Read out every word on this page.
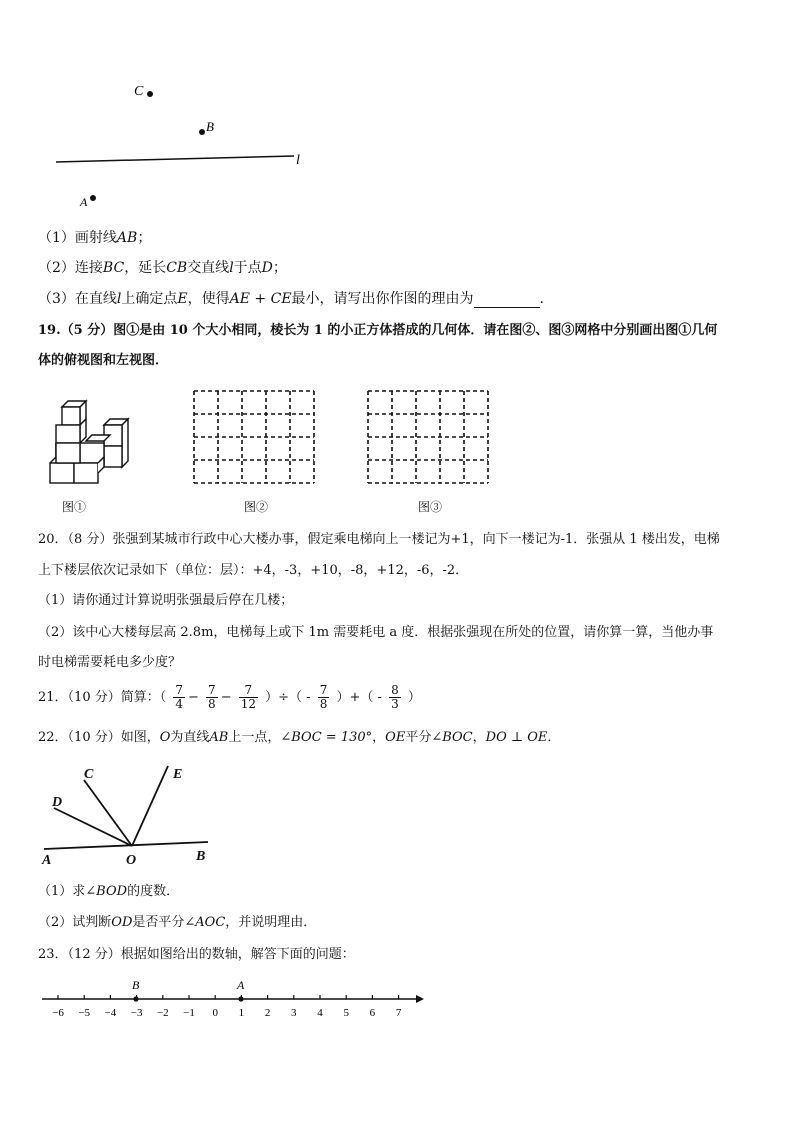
C
B
l
A
（1）画射线AB；
（2）连接BC，延长CB交直线l于点D；
（3）在直线l上确定点E，使得AE + CE最小，请写出你作图的理由为	.
19.（5 分）图①是由 10 个大小相同，棱长为 1 的小正方体搭成的几何体．请在图②、图③网格中分别画出图①几何
体的俯视图和左视图．
图①	图②	图③
20．（8 分）张强到某城市行政中心大楼办事，假定乘电梯向上一楼记为+1，向下一楼记为-1．张强从 1 楼出发，电梯
上下楼层依次记录如下（单位：层）：+4，-3，+10，-8，+12，-6，-2．
（1）请你通过计算说明张强最后停在几楼；
（2）该中心大楼每层高 2.8m，电梯每上或下 1m 需要耗电 a 度．根据张强现在所处的位置，请你算一算，当他办事
时电梯需要耗电多少度？
21．（10 分）简算：（ $\frac{7}{4} - \frac{7}{8} - \frac{7}{12}$ ）÷（ - $\frac{7}{8}$ ）+（ - $\frac{8}{3}$ ）
22．（10 分）如图，O为直线AB上一点，∠BOC = 130°，OE平分∠BOC，DO ⊥ OE．
C	E
D
A	O	B
（1）求∠BOD的度数．
（2）试判断OD是否平分∠AOC，并说明理由．
23．（12 分）根据如图给出的数轴，解答下面的问题：
−6 −5 −4 −3 −2 −1 0 1 2 3 4 5 6 7
B	A
